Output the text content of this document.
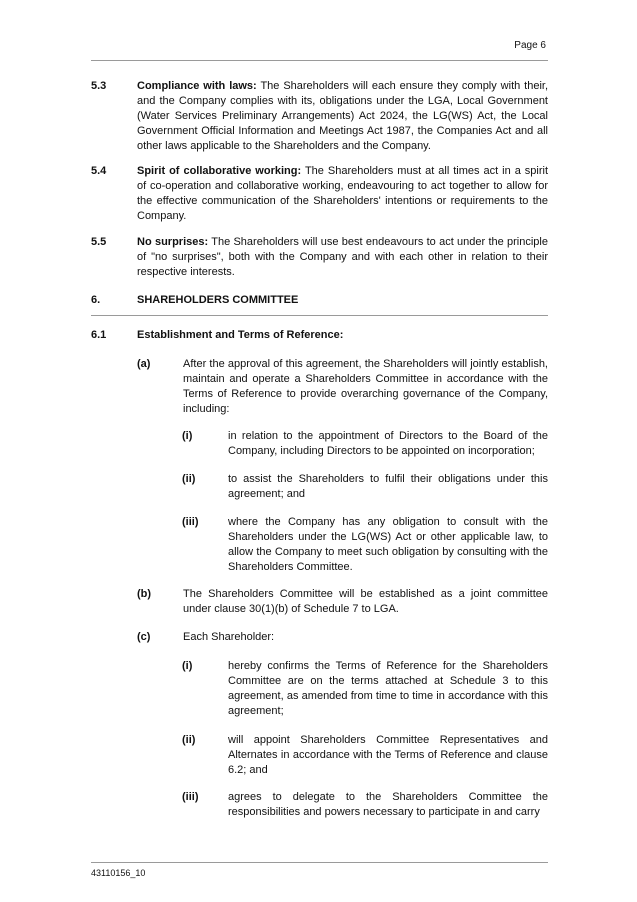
Page 6
5.3	Compliance with laws: The Shareholders will each ensure they comply with their, and the Company complies with its, obligations under the LGA, Local Government (Water Services Preliminary Arrangements) Act 2024, the LG(WS) Act, the Local Government Official Information and Meetings Act 1987, the Companies Act and all other laws applicable to the Shareholders and the Company.
5.4	Spirit of collaborative working: The Shareholders must at all times act in a spirit of co-operation and collaborative working, endeavouring to act together to allow for the effective communication of the Shareholders' intentions or requirements to the Company.
5.5	No surprises: The Shareholders will use best endeavours to act under the principle of "no surprises", both with the Company and with each other in relation to their respective interests.
6.	SHAREHOLDERS COMMITTEE
6.1	Establishment and Terms of Reference:
(a)	After the approval of this agreement, the Shareholders will jointly establish, maintain and operate a Shareholders Committee in accordance with the Terms of Reference to provide overarching governance of the Company, including:
(i)	in relation to the appointment of Directors to the Board of the Company, including Directors to be appointed on incorporation;
(ii)	to assist the Shareholders to fulfil their obligations under this agreement; and
(iii)	where the Company has any obligation to consult with the Shareholders under the LG(WS) Act or other applicable law, to allow the Company to meet such obligation by consulting with the Shareholders Committee.
(b)	The Shareholders Committee will be established as a joint committee under clause 30(1)(b) of Schedule 7 to LGA.
(c)	Each Shareholder:
(i)	hereby confirms the Terms of Reference for the Shareholders Committee are on the terms attached at Schedule 3 to this agreement, as amended from time to time in accordance with this agreement;
(ii)	will appoint Shareholders Committee Representatives and Alternates in accordance with the Terms of Reference and clause 6.2; and
(iii)	agrees to delegate to the Shareholders Committee the responsibilities and powers necessary to participate in and carry
43110156_10
